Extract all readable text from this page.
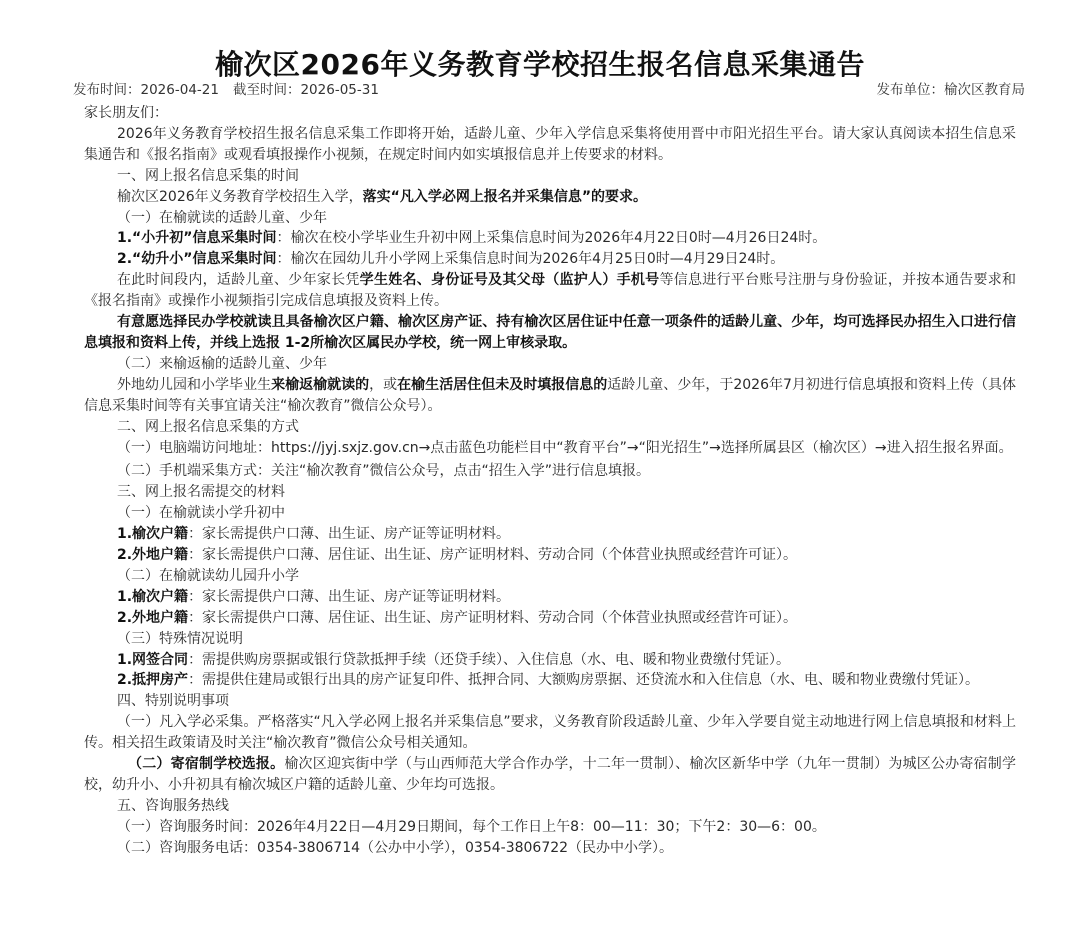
榆次区2026年义务教育学校招生报名信息采集通告
发布时间：2026-04-21 截至时间：2026-05-31	发布单位：榆次区教育局

家长朋友们：

2026年义务教育学校招生报名信息采集工作即将开始，适龄儿童、少年入学信息采集将使用晋中市阳光招生平台。请大家认真阅读本招生信息采集通告和《报名指南》或观看填报操作小视频，在规定时间内如实填报信息并上传要求的材料。

一、网上报名信息采集的时间

榆次区2026年义务教育学校招生入学，落实“凡入学必网上报名并采集信息”的要求。

（一）在榆就读的适龄儿童、少年

1.“小升初”信息采集时间：榆次在校小学毕业生升初中网上采集信息时间为2026年4月22日0时—4月26日24时。

2.“幼升小”信息采集时间：榆次在园幼儿升小学网上采集信息时间为2026年4月25日0时—4月29日24时。

在此时间段内，适龄儿童、少年家长凭学生姓名、身份证号及其父母（监护人）手机号等信息进行平台账号注册与身份验证，并按本通告要求和《报名指南》或操作小视频指引完成信息填报及资料上传。

有意愿选择民办学校就读且具备榆次区户籍、榆次区房产证、持有榆次区居住证中任意一项条件的适龄儿童、少年，均可选择民办招生入口进行信息填报和资料上传，并线上选报 1-2所榆次区属民办学校，统一网上审核录取。

（二）来榆返榆的适龄儿童、少年

外地幼儿园和小学毕业生来榆返榆就读的，或在榆生活居住但未及时填报信息的适龄儿童、少年，于2026年7月初进行信息填报和资料上传（具体信息采集时间等有关事宜请关注“榆次教育”微信公众号）。

二、网上报名信息采集的方式

（一）电脑端访问地址：https://jyj.sxjz.gov.cn→点击蓝色功能栏目中“教育平台”→“阳光招生”→选择所属县区（榆次区）→进入招生报名界面。

（二）手机端采集方式：关注“榆次教育”微信公众号，点击“招生入学”进行信息填报。

三、网上报名需提交的材料

（一）在榆就读小学升初中

1.榆次户籍：家长需提供户口薄、出生证、房产证等证明材料。

2.外地户籍：家长需提供户口薄、居住证、出生证、房产证明材料、劳动合同（个体营业执照或经营许可证）。

（二）在榆就读幼儿园升小学

1.榆次户籍：家长需提供户口薄、出生证、房产证等证明材料。

2.外地户籍：家长需提供户口薄、居住证、出生证、房产证明材料、劳动合同（个体营业执照或经营许可证）。

（三）特殊情况说明

1.网签合同：需提供购房票据或银行贷款抵押手续（还贷手续）、入住信息（水、电、暖和物业费缴付凭证）。

2.抵押房产：需提供住建局或银行出具的房产证复印件、抵押合同、大额购房票据、还贷流水和入住信息（水、电、暖和物业费缴付凭证）。

四、特别说明事项

（一）凡入学必采集。严格落实“凡入学必网上报名并采集信息”要求，义务教育阶段适龄儿童、少年入学要自觉主动地进行网上信息填报和材料上传。相关招生政策请及时关注“榆次教育”微信公众号相关通知。

（二）寄宿制学校选报。榆次区迎宾街中学（与山西师范大学合作办学，十二年一贯制）、榆次区新华中学（九年一贯制）为城区公办寄宿制学校，幼升小、小升初具有榆次城区户籍的适龄儿童、少年均可选报。

五、咨询服务热线

（一）咨询服务时间：2026年4月22日—4月29日期间，每个工作日上午8：00—11：30；下午2：30—6：00。

（二）咨询服务电话：0354-3806714（公办中小学），0354-3806722（民办中小学）。
